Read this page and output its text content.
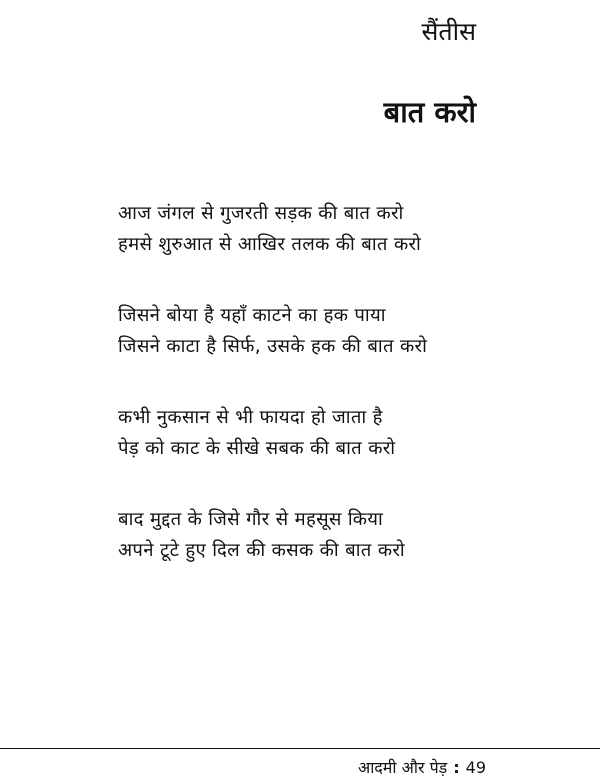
सैंतीस
बात करो

आज जंगल से गुजरती सड़क की बात करो
हमसे शुरुआत से आखिर तलक की बात करो

जिसने बोया है यहाँ काटने का हक पाया
जिसने काटा है सिर्फ, उसके हक की बात करो

कभी नुकसान से भी फायदा हो जाता है
पेड़ को काट के सीखे सबक की बात करो

बाद मुद्दत के जिसे गौर से महसूस किया
अपने टूटे हुए दिल की कसक की बात करो

आदमी और पेड़ : 49
